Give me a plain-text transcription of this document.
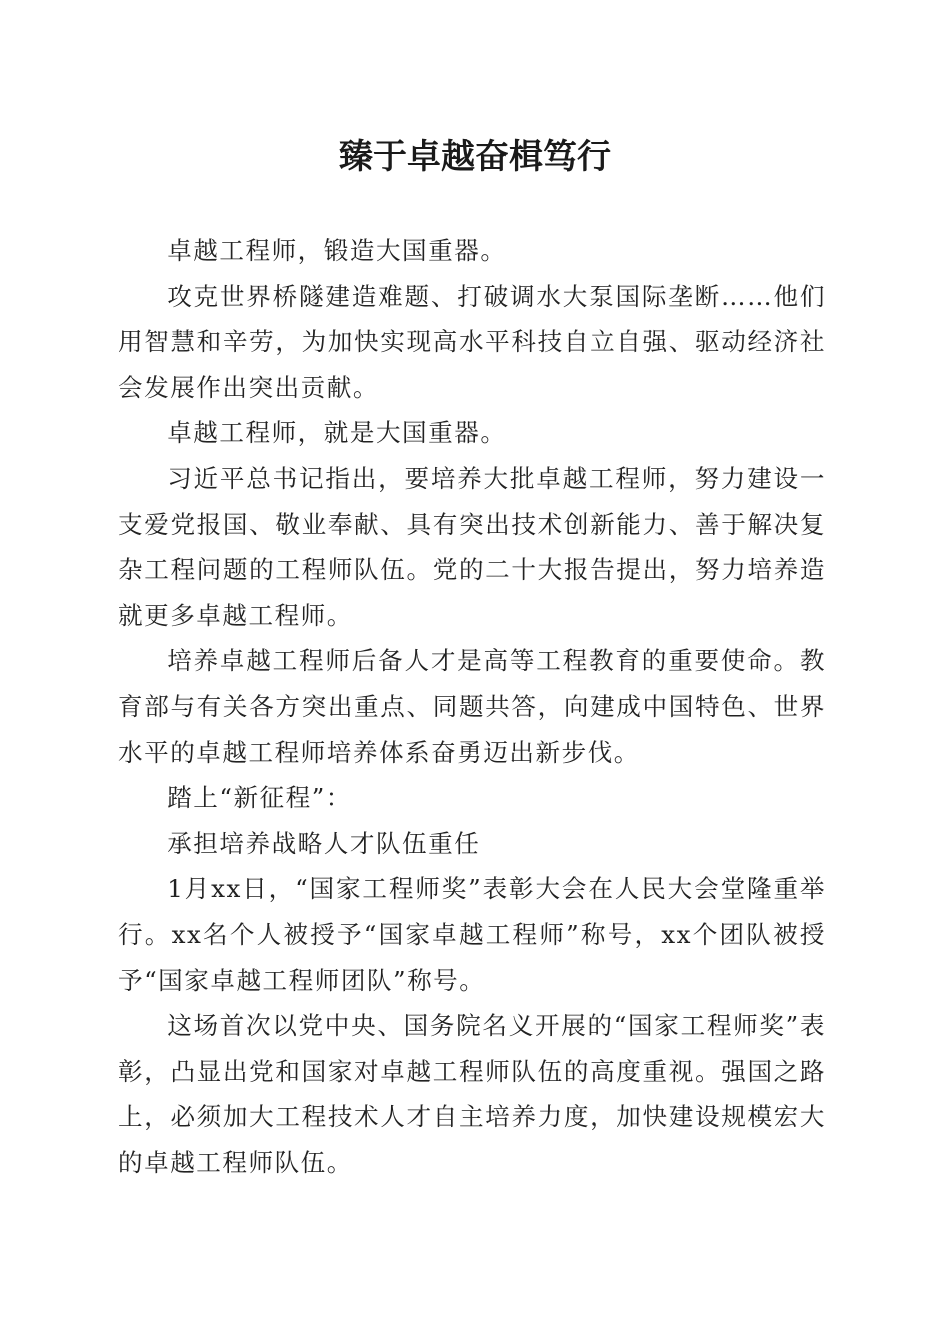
臻于卓越奋楫笃行

卓越工程师，锻造大国重器。

攻克世界桥隧建造难题、打破调水大泵国际垄断……他们用智慧和辛劳，为加快实现高水平科技自立自强、驱动经济社会发展作出突出贡献。

卓越工程师，就是大国重器。

习近平总书记指出，要培养大批卓越工程师，努力建设一支爱党报国、敬业奉献、具有突出技术创新能力、善于解决复杂工程问题的工程师队伍。党的二十大报告提出，努力培养造就更多卓越工程师。

培养卓越工程师后备人才是高等工程教育的重要使命。教育部与有关各方突出重点、同题共答，向建成中国特色、世界水平的卓越工程师培养体系奋勇迈出新步伐。

踏上“新征程”：

承担培养战略人才队伍重任

1月xx日，“国家工程师奖”表彰大会在人民大会堂隆重举行。xx名个人被授予“国家卓越工程师”称号，xx个团队被授予“国家卓越工程师团队”称号。

这场首次以党中央、国务院名义开展的“国家工程师奖”表彰，凸显出党和国家对卓越工程师队伍的高度重视。强国之路上，必须加大工程技术人才自主培养力度，加快建设规模宏大的卓越工程师队伍。
